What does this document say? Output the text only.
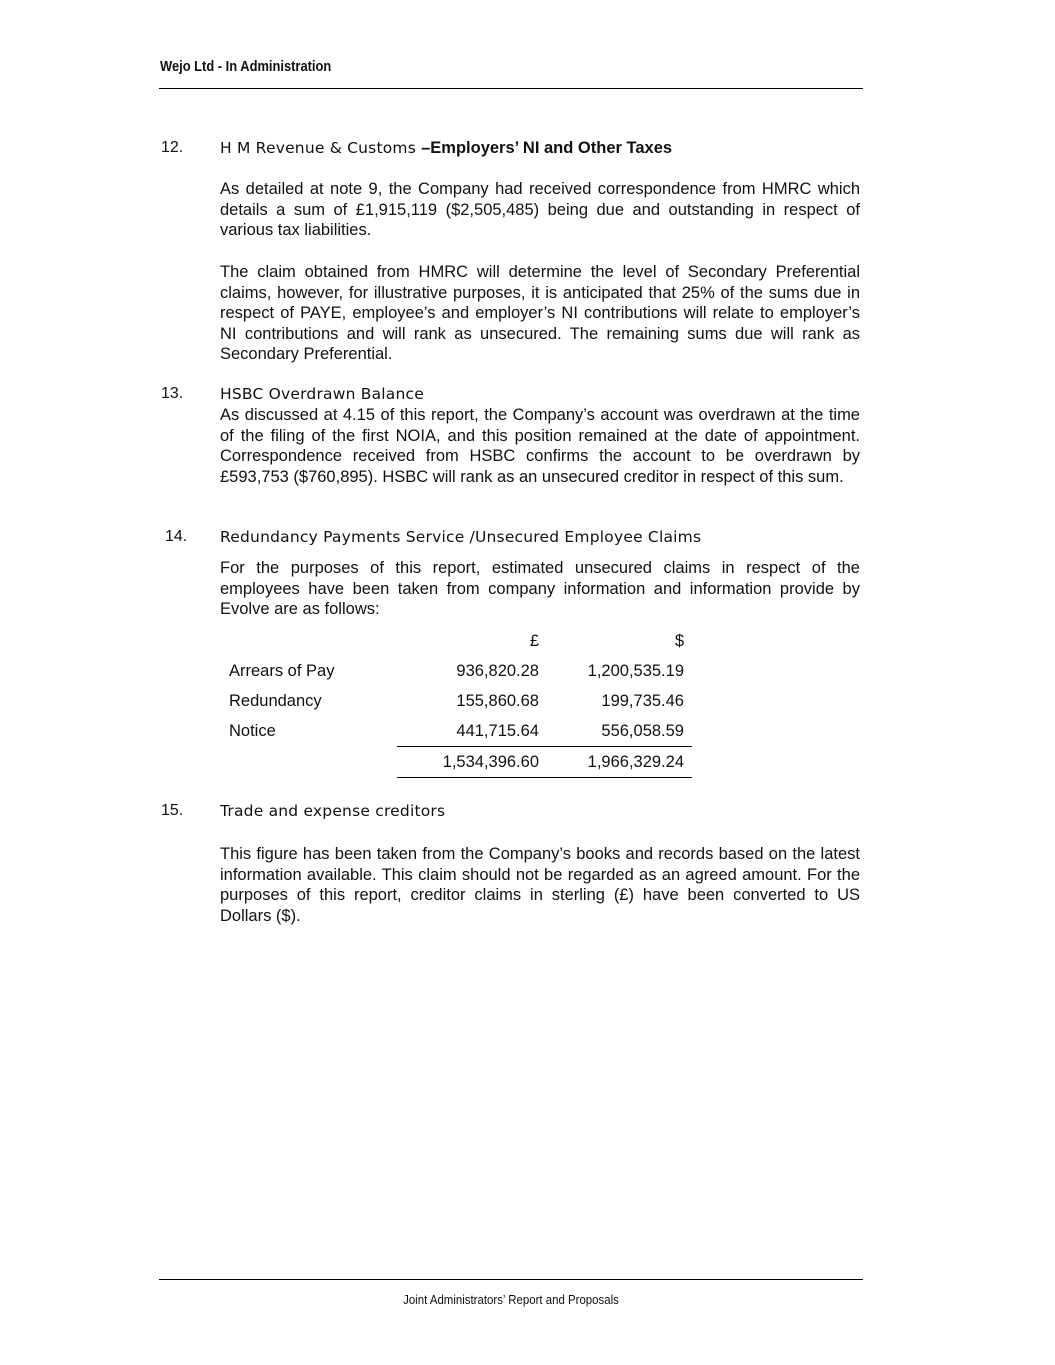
Wejo Ltd - In Administration
12. H M Revenue & Customs –Employers’ NI and Other Taxes
As detailed at note 9, the Company had received correspondence from HMRC which details a sum of £1,915,119 ($2,505,485) being due and outstanding in respect of various tax liabilities.
The claim obtained from HMRC will determine the level of Secondary Preferential claims, however, for illustrative purposes, it is anticipated that 25% of the sums due in respect of PAYE, employee’s and employer’s NI contributions will relate to employer’s NI contributions and will rank as unsecured. The remaining sums due will rank as Secondary Preferential.
13. HSBC Overdrawn Balance
As discussed at 4.15 of this report, the Company’s account was overdrawn at the time of the filing of the first NOIA, and this position remained at the date of appointment. Correspondence received from HSBC confirms the account to be overdrawn by £593,753 ($760,895). HSBC will rank as an unsecured creditor in respect of this sum.
14. Redundancy Payments Service /Unsecured Employee Claims
For the purposes of this report, estimated unsecured claims in respect of the employees have been taken from company information and information provide by Evolve are as follows:
	£	$
Arrears of Pay	936,820.28	1,200,535.19
Redundancy	155,860.68	199,735.46
Notice	441,715.64	556,058.59
	1,534,396.60	1,966,329.24
15. Trade and expense creditors
This figure has been taken from the Company’s books and records based on the latest information available. This claim should not be regarded as an agreed amount. For the purposes of this report, creditor claims in sterling (£) have been converted to US Dollars ($).
Joint Administrators’ Report and Proposals
